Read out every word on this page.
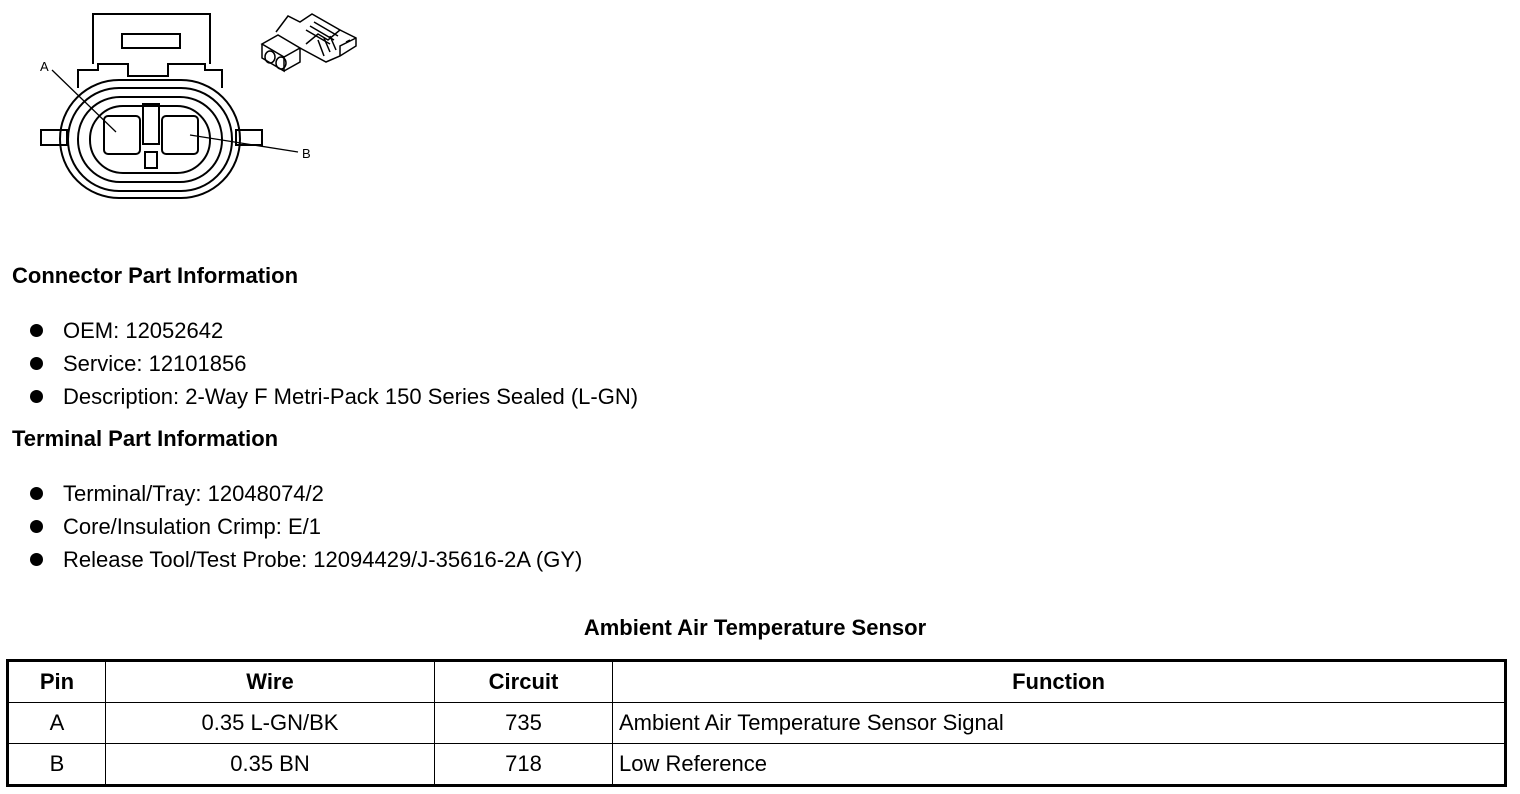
A
B
Connector Part Information
OEM: 12052642
Service: 12101856
Description: 2-Way F Metri-Pack 150 Series Sealed (L-GN)
Terminal Part Information
Terminal/Tray: 12048074/2
Core/Insulation Crimp: E/1
Release Tool/Test Probe: 12094429/J-35616-2A (GY)
Ambient Air Temperature Sensor
Pin	Wire	Circuit	Function
A	0.35 L-GN/BK	735	Ambient Air Temperature Sensor Signal
B	0.35 BN	718	Low Reference
